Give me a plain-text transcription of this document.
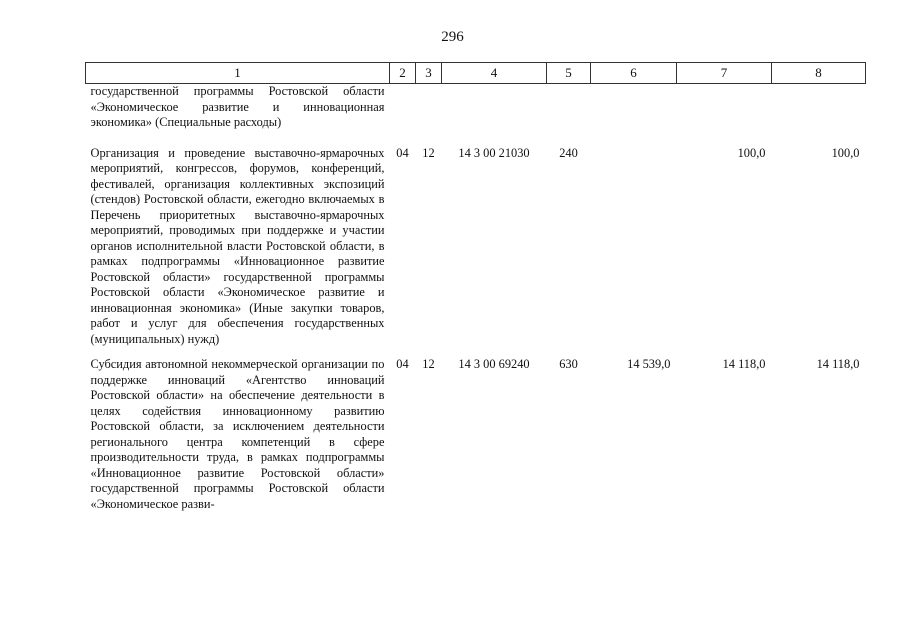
296
1	2	3	4	5	6	7	8
государственной программы Ростовской области «Экономическое развитие и инновационная экономика» (Специальные расходы)							
Организация и проведение выставочно-ярмарочных мероприятий, конгрессов, форумов, конференций, фестивалей, организация коллективных экспозиций (стендов) Ростовской области, ежегодно включаемых в Перечень приоритетных выставочно-ярмарочных мероприятий, проводимых при поддержке и участии органов исполнительной власти Ростовской области, в рамках подпрограммы «Инновационное развитие Ростовской области» государственной программы Ростовской области «Экономическое развитие и инновационная экономика» (Иные закупки товаров, работ и услуг для обеспечения государственных (муниципальных) нужд)	04	12	14 3 00 21030	240		100,0	100,0
Субсидия автономной некоммерческой организации по поддержке инноваций «Агентство инноваций Ростовской области» на обеспечение деятельности в целях содействия инновационному развитию Ростовской области, за исключением деятельности регионального центра компетенций в сфере производительности труда, в рамках подпрограммы «Инновационное развитие Ростовской области» государственной программы Ростовской области «Экономическое разви-	04	12	14 3 00 69240	630	14 539,0	14 118,0	14 118,0
